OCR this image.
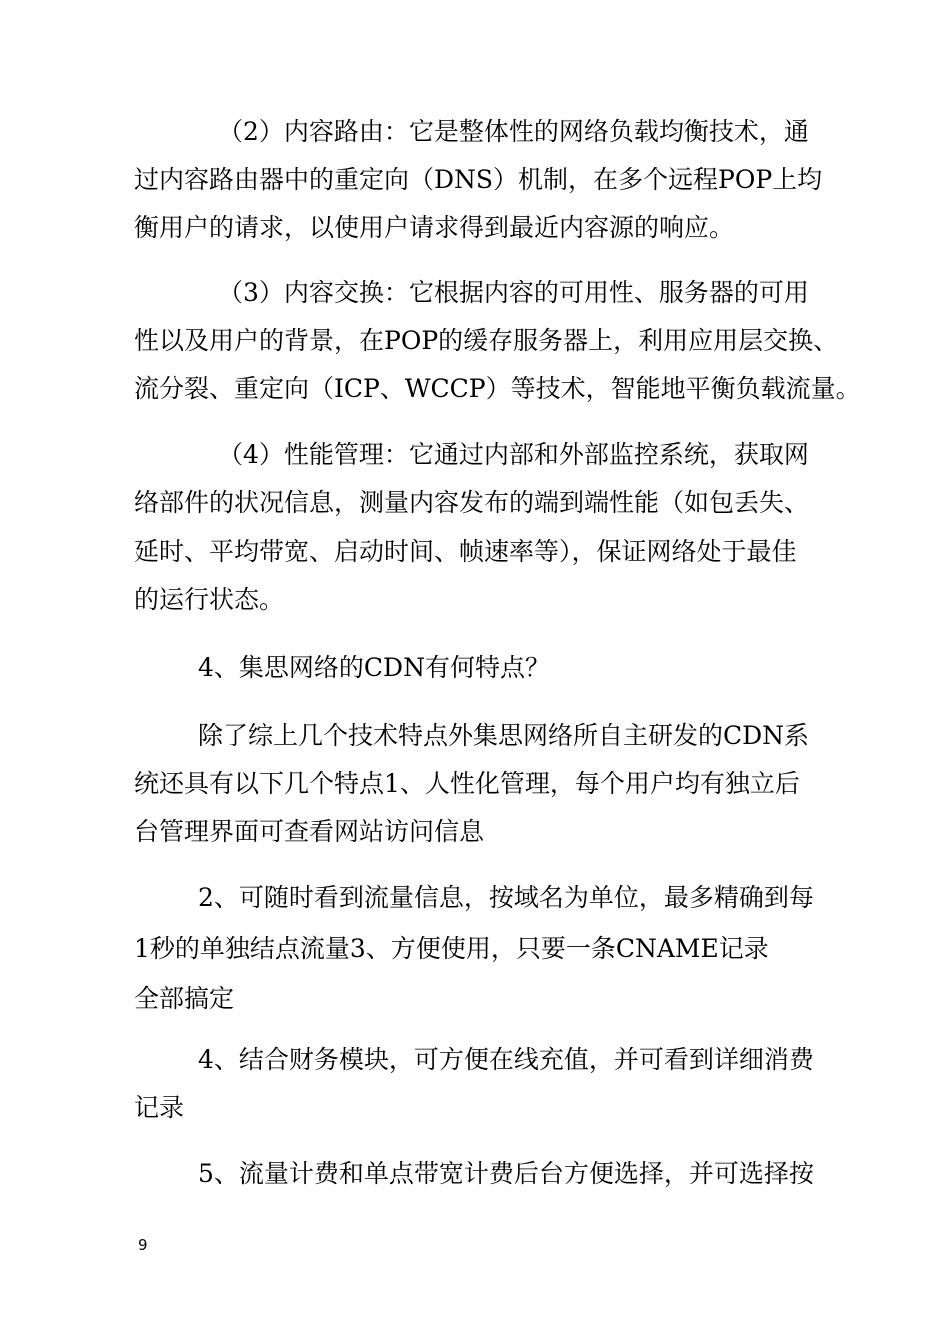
（2）内容路由：它是整体性的网络负载均衡技术，通
过内容路由器中的重定向（DNS）机制，在多个远程POP上均
衡用户的请求，以使用户请求得到最近内容源的响应。
（3）内容交换：它根据内容的可用性、服务器的可用
性以及用户的背景，在POP的缓存服务器上，利用应用层交换、
流分裂、重定向（ICP、WCCP）等技术，智能地平衡负载流量。
（4）性能管理：它通过内部和外部监控系统，获取网
络部件的状况信息，测量内容发布的端到端性能（如包丢失、
延时、平均带宽、启动时间、帧速率等），保证网络处于最佳
的运行状态。
4、集思网络的CDN有何特点？
除了综上几个技术特点外集思网络所自主研发的CDN系
统还具有以下几个特点1、人性化管理，每个用户均有独立后
台管理界面可查看网站访问信息
2、可随时看到流量信息，按域名为单位，最多精确到每
1秒的单独结点流量3、方便使用，只要一条CNAME记录
全部搞定
4、结合财务模块，可方便在线充值，并可看到详细消费
记录
5、流量计费和单点带宽计费后台方便选择，并可选择按
9
